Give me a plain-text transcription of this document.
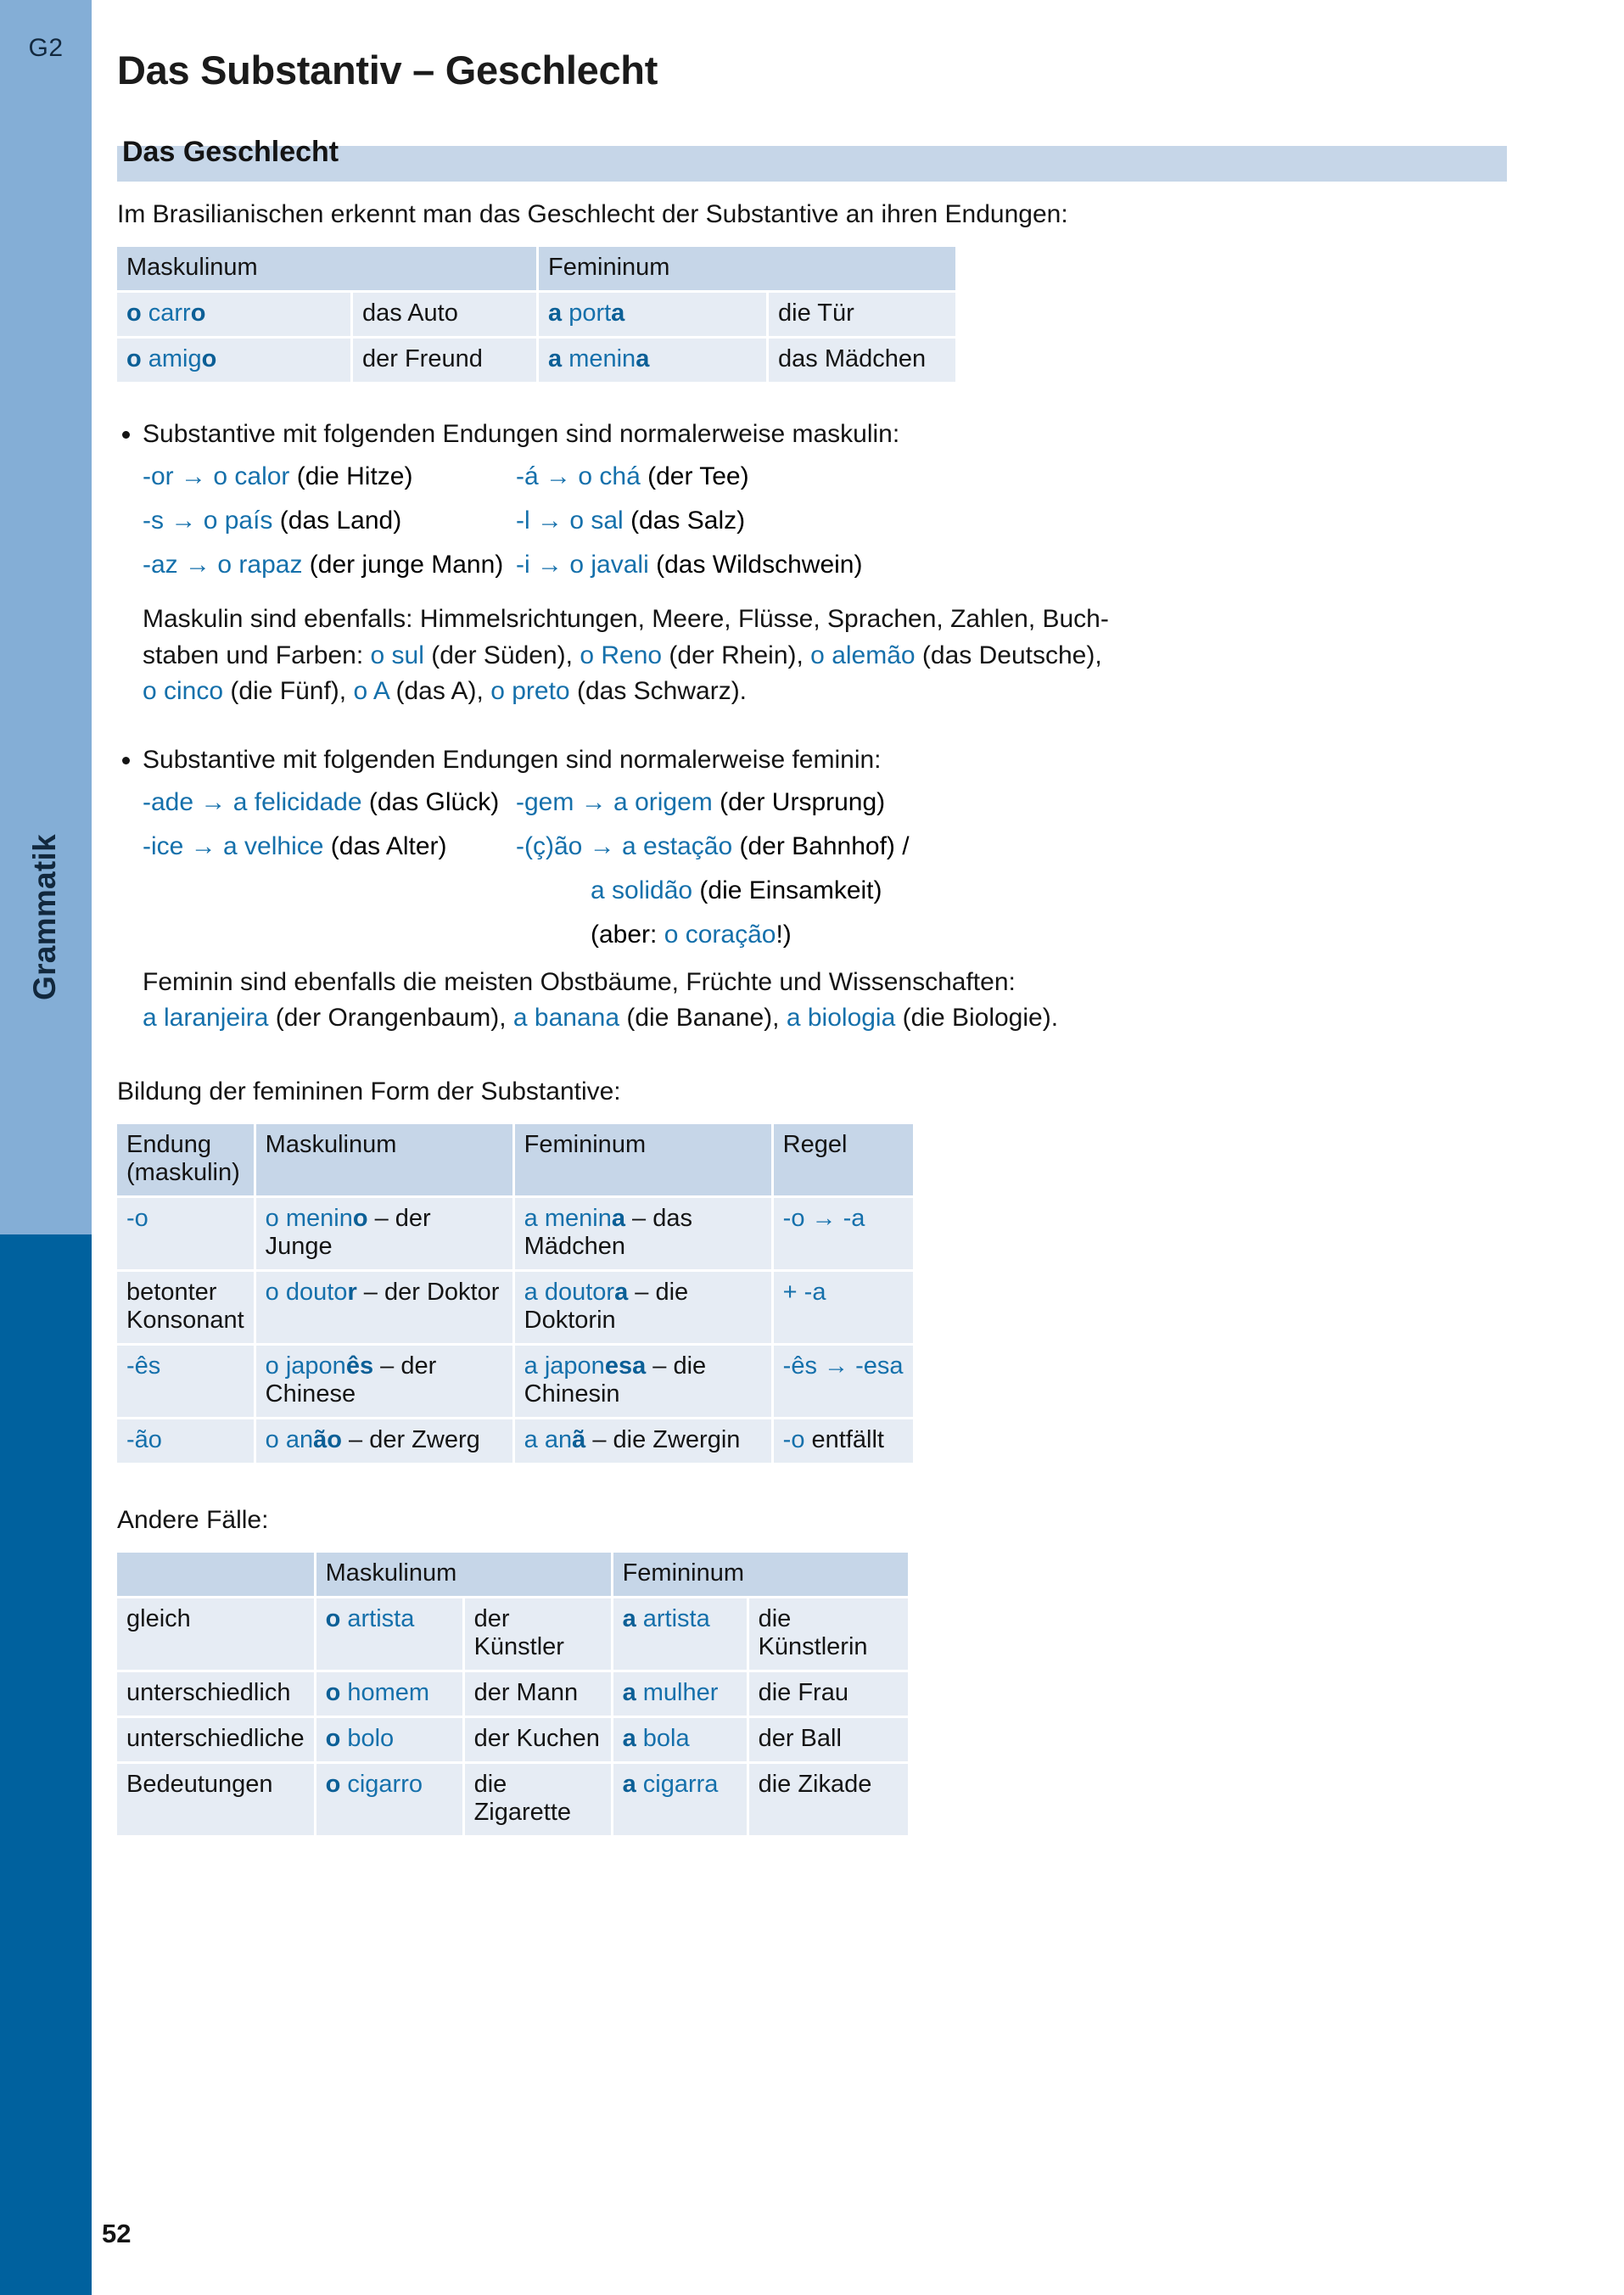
G2
Grammatik
Das Substantiv – Geschlecht
Das Geschlecht
Im Brasilianischen erkennt man das Geschlecht der Substantive an ihren Endungen:
Maskulinum		Femininum	
o carro	das Auto	a porta	die Tür
o amigo	der Freund	a menina	das Mädchen
Substantive mit folgenden Endungen sind normalerweise maskulin:
-or → o calor (die Hitze)	-á → o chá (der Tee)
-s → o país (das Land)	-l → o sal (das Salz)
-az → o rapaz (der junge Mann) -i → o javali (das Wildschwein)
Maskulin sind ebenfalls: Himmelsrichtungen, Meere, Flüsse, Sprachen, Zahlen, Buch-
staben und Farben: o sul (der Süden), o Reno (der Rhein), o alemão (das Deutsche),
o cinco (die Fünf), o A (das A), o preto (das Schwarz).
Substantive mit folgenden Endungen sind normalerweise feminin:
-ade → a felicidade (das Glück) -gem → a origem (der Ursprung)
-ice → a velhice (das Alter)	-(ç)ão → a estação (der Bahnhof) /

a solidão (die Einsamkeit)

(aber: o coração!)
Feminin sind ebenfalls die meisten Obstbäume, Früchte und Wissenschaften:
a laranjeira (der Orangenbaum), a banana (die Banane), a biologia (die Biologie).
Bildung der femininen Form der Substantive:
Endung
(maskulin)	Maskulinum	Femininum	Regel
-o	o menino – der Junge	a menina – das Mädchen	-o → -a
betonter
Konsonant	o doutor – der Doktor	a doutora – die Doktorin	+ -a
-ês	o japonês – der Chinese	a japonesa – die Chinesin	-ês → -esa
-ão	o anão – der Zwerg	a anã – die Zwergin	-o entfällt
Andere Fälle:
	Maskulinum		Femininum	
gleich	o artista	der Künstler	a artista	die Künstlerin
unterschiedlich	o homem	der Mann	a mulher	die Frau
unterschiedliche	o bolo	der Kuchen	a bola	der Ball
Bedeutungen	o cigarro	die Zigarette	a cigarra	die Zikade
52
